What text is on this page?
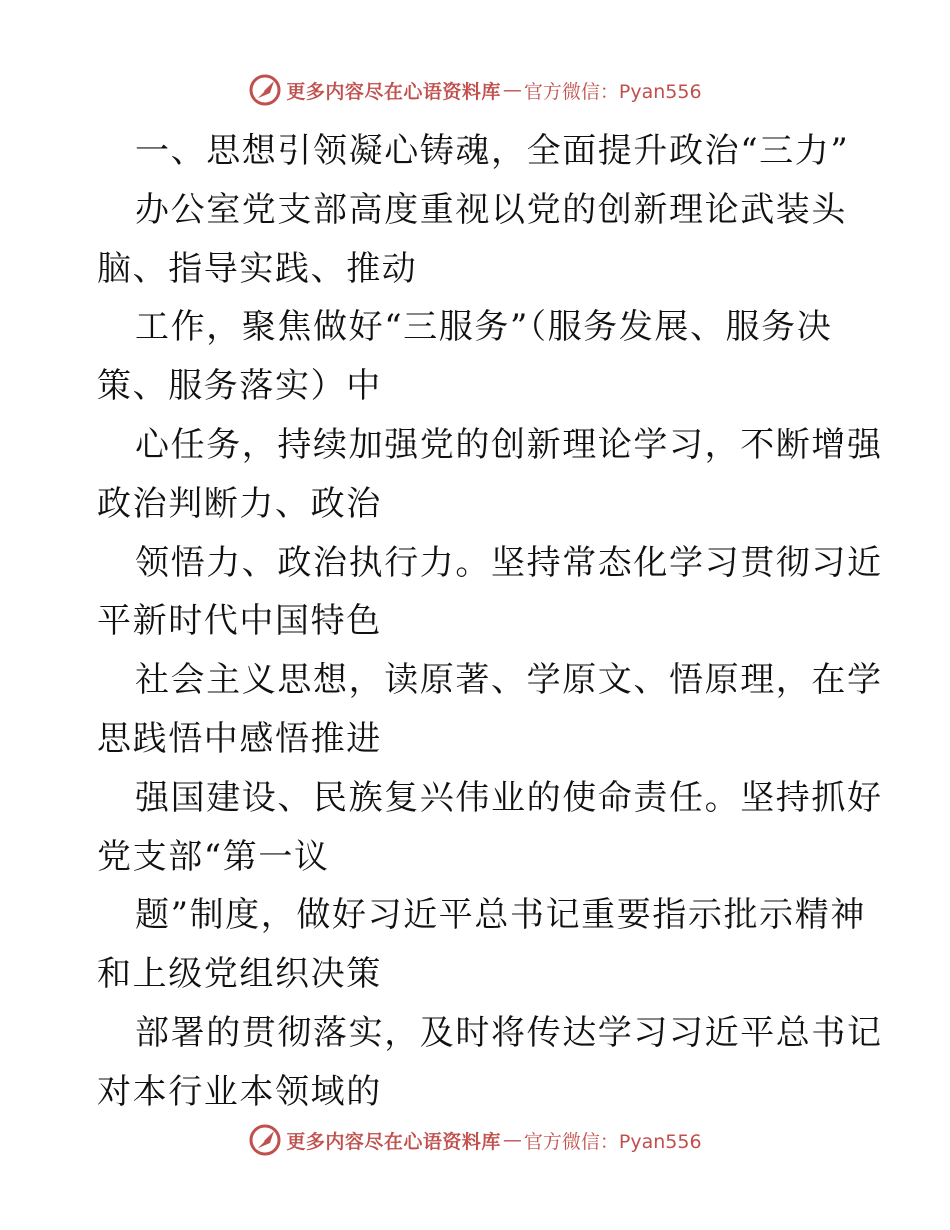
更多内容尽在心语资料库 — 官方微信：Pyan556
一、思想引领凝心铸魂，全面提升政治“三力”
办公室党支部高度重视以党的创新理论武装头
脑、指导实践、推动
工作，聚焦做好“三服务”（服务发展、服务决
策、服务落实）中
心任务，持续加强党的创新理论学习，不断增强
政治判断力、政治
领悟力、政治执行力。坚持常态化学习贯彻习近
平新时代中国特色
社会主义思想，读原著、学原文、悟原理，在学
思践悟中感悟推进
强国建设、民族复兴伟业的使命责任。坚持抓好
党支部“第一议
题”制度，做好习近平总书记重要指示批示精神
和上级党组织决策
部署的贯彻落实，及时将传达学习习近平总书记
对本行业本领域的
更多内容尽在心语资料库 — 官方微信：Pyan556
